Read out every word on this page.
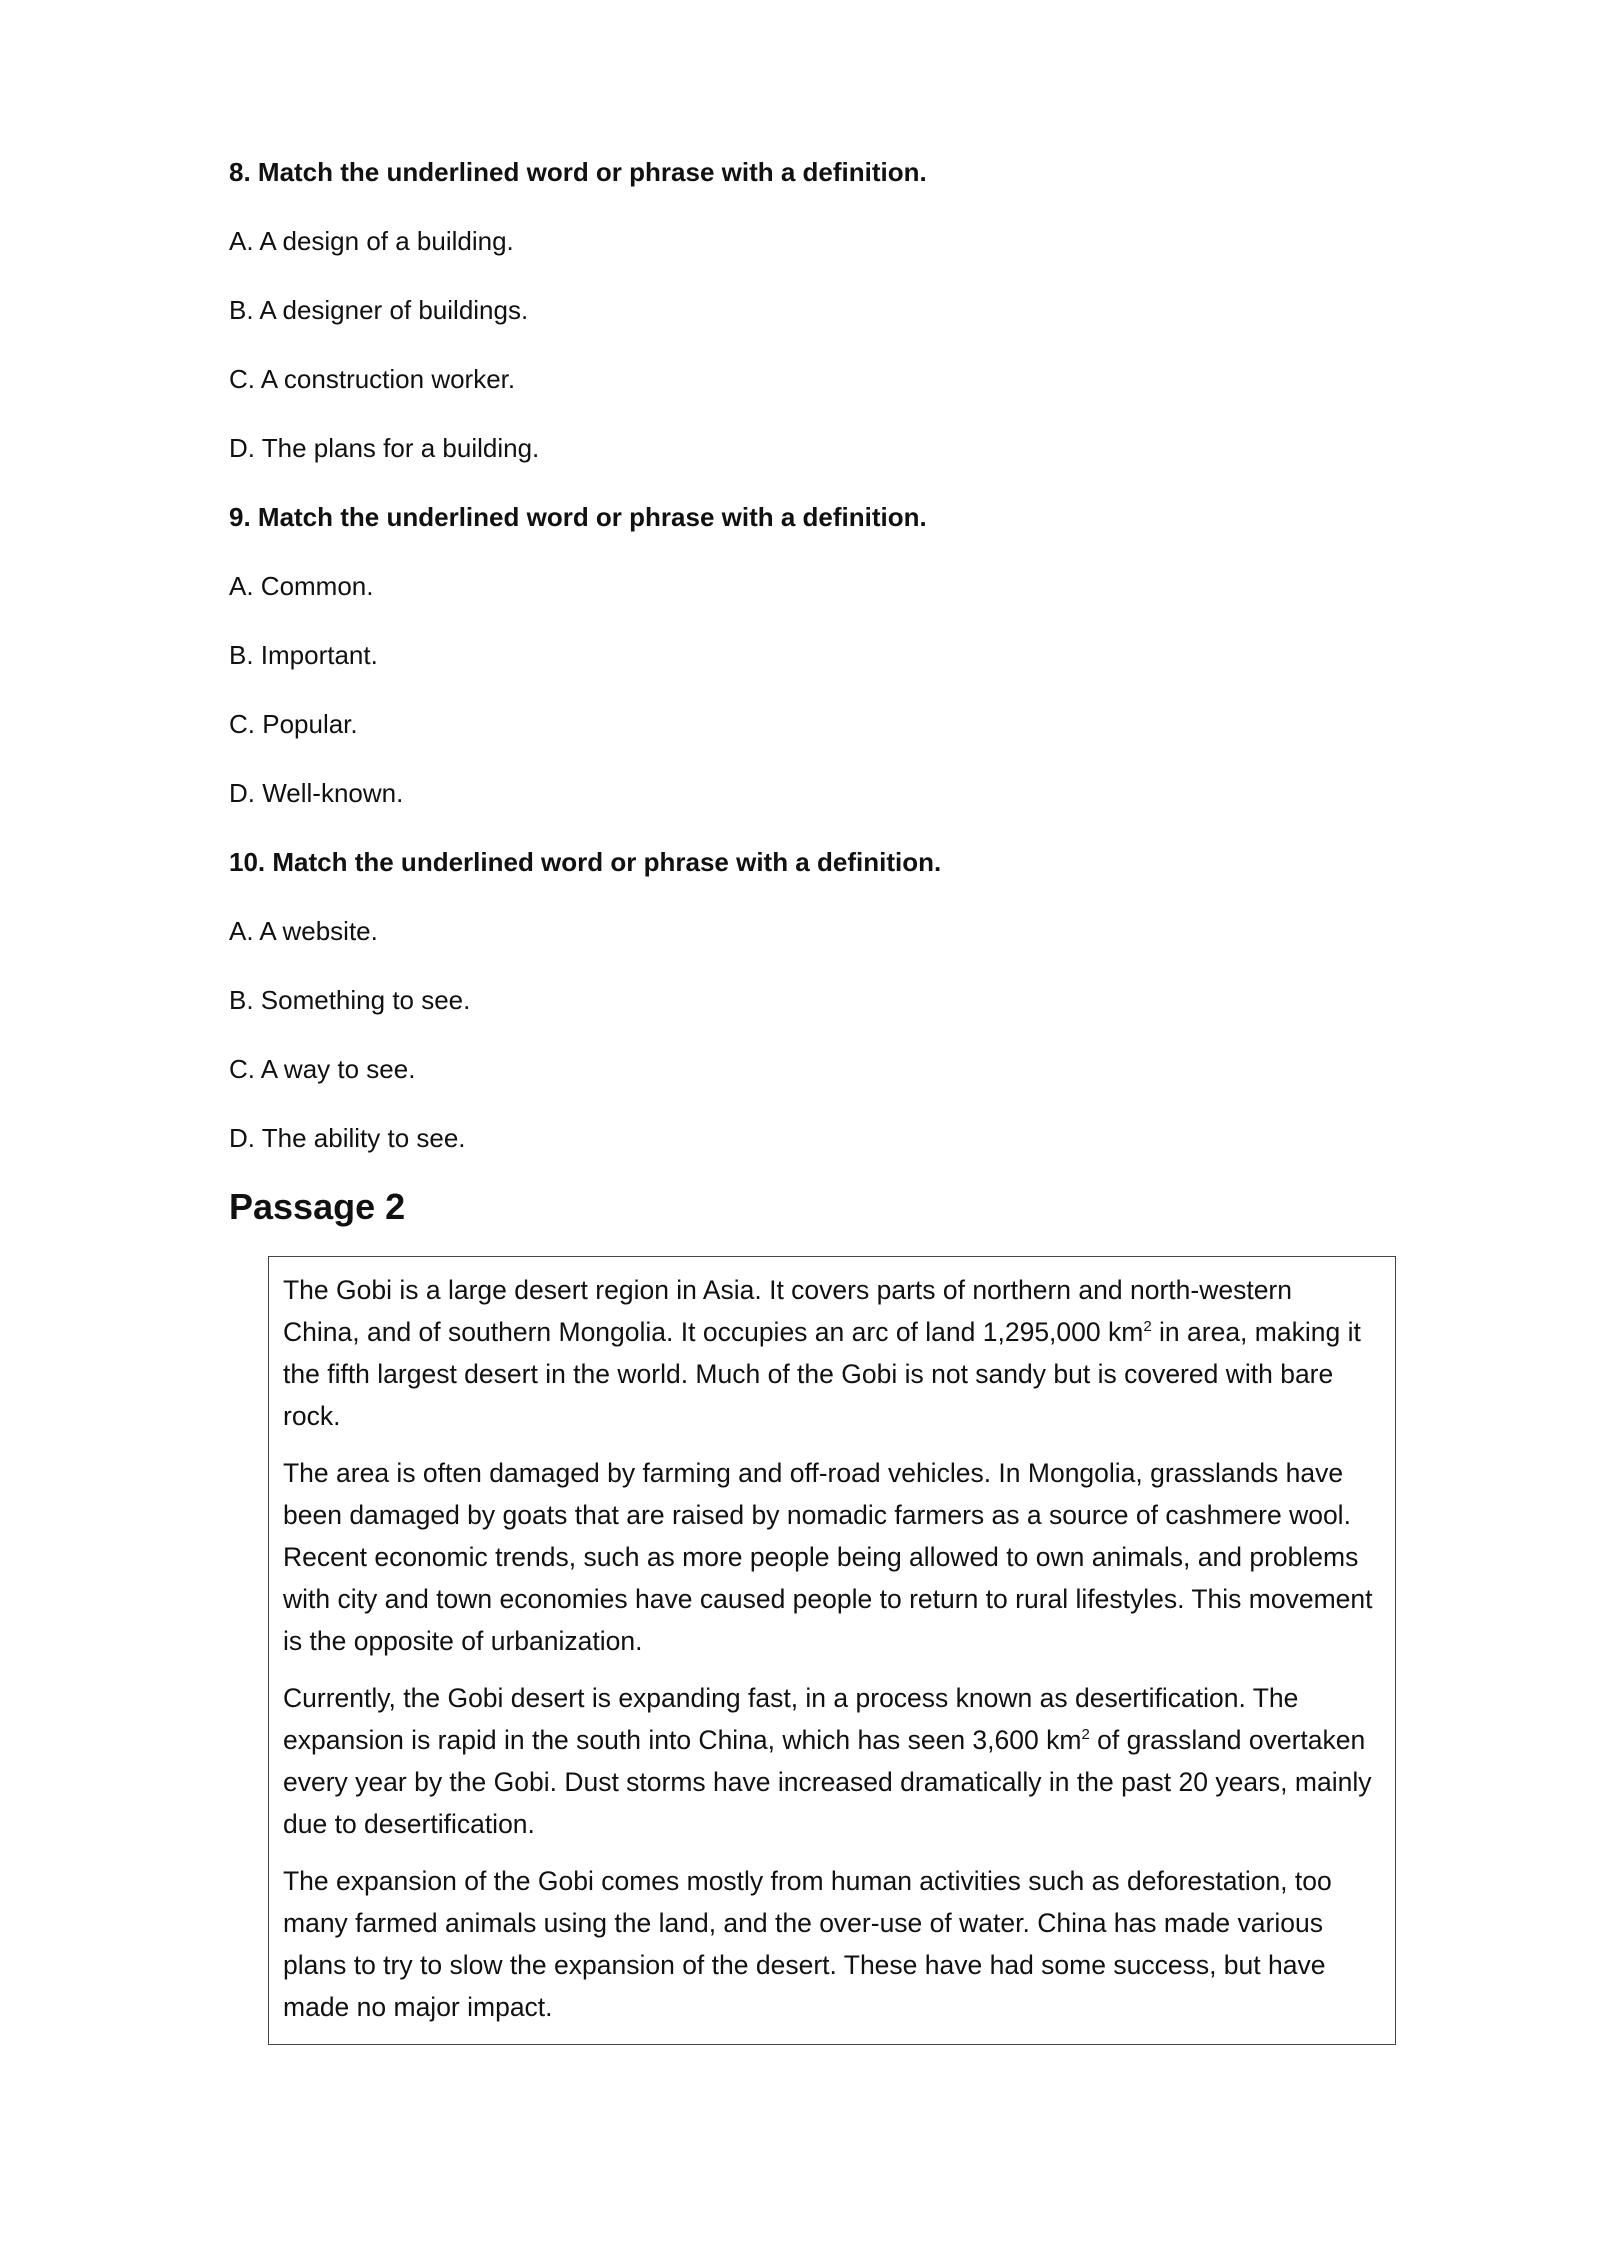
8. Match the underlined word or phrase with a definition.
A. A design of a building.
B. A designer of buildings.
C. A construction worker.
D. The plans for a building.
9. Match the underlined word or phrase with a definition.
A. Common.
B. Important.
C. Popular.
D. Well-known.
10. Match the underlined word or phrase with a definition.
A. A website.
B. Something to see.
C. A way to see.
D. The ability to see.
Passage 2

The Gobi is a large desert region in Asia. It covers parts of northern and north-western China, and of southern Mongolia. It occupies an arc of land 1,295,000 $km^2$ in area, making it the fifth largest desert in the world. Much of the Gobi is not sandy but is covered with bare rock.

The area is often damaged by farming and off-road vehicles. In Mongolia, grasslands have been damaged by goats that are raised by nomadic farmers as a source of cashmere wool. Recent economic trends, such as more people being allowed to own animals, and problems with city and town economies have caused people to return to rural lifestyles. This movement is the opposite of urbanization.

Currently, the Gobi desert is expanding fast, in a process known as desertification. The expansion is rapid in the south into China, which has seen 3,600 $km^2$ of grassland overtaken every year by the Gobi. Dust storms have increased dramatically in the past 20 years, mainly due to desertification.

The expansion of the Gobi comes mostly from human activities such as deforestation, too many farmed animals using the land, and the over-use of water. China has made various plans to try to slow the expansion of the desert. These have had some success, but have made no major impact.
